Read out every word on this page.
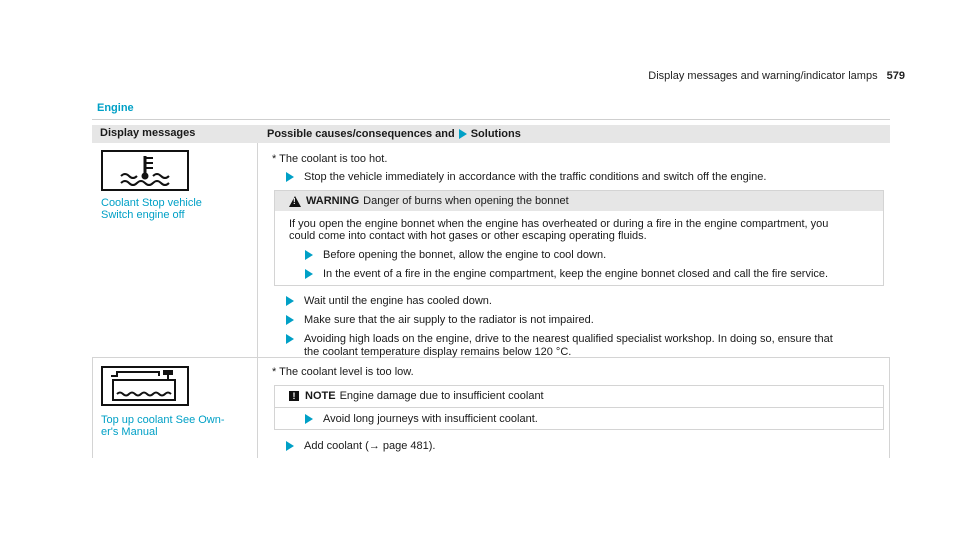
Display messages and warning/indicator lamps 579
Engine
Display messages	Possible causes/consequences and Solutions
Coolant Stop vehicle
Switch engine off
* The coolant is too hot.
Stop the vehicle immediately in accordance with the traffic conditions and switch off the engine.
!
WARNING Danger of burns when opening the bonnet
If you open the engine bonnet when the engine has overheated or during a fire in the engine compartment, you
could come into contact with hot gases or other escaping operating fluids.
Before opening the bonnet, allow the engine to cool down.
In the event of a fire in the engine compartment, keep the engine bonnet closed and call the fire service.
Wait until the engine has cooled down.
Make sure that the air supply to the radiator is not impaired.
Avoiding high loads on the engine, drive to the nearest qualified specialist workshop. In doing so, ensure that
the coolant temperature display remains below 120 °C.
Top up coolant See Own-
er's Manual
* The coolant level is too low.
! NOTE Engine damage due to insufficient coolant
Avoid long journeys with insufficient coolant.
Add coolant (→ page 481).
